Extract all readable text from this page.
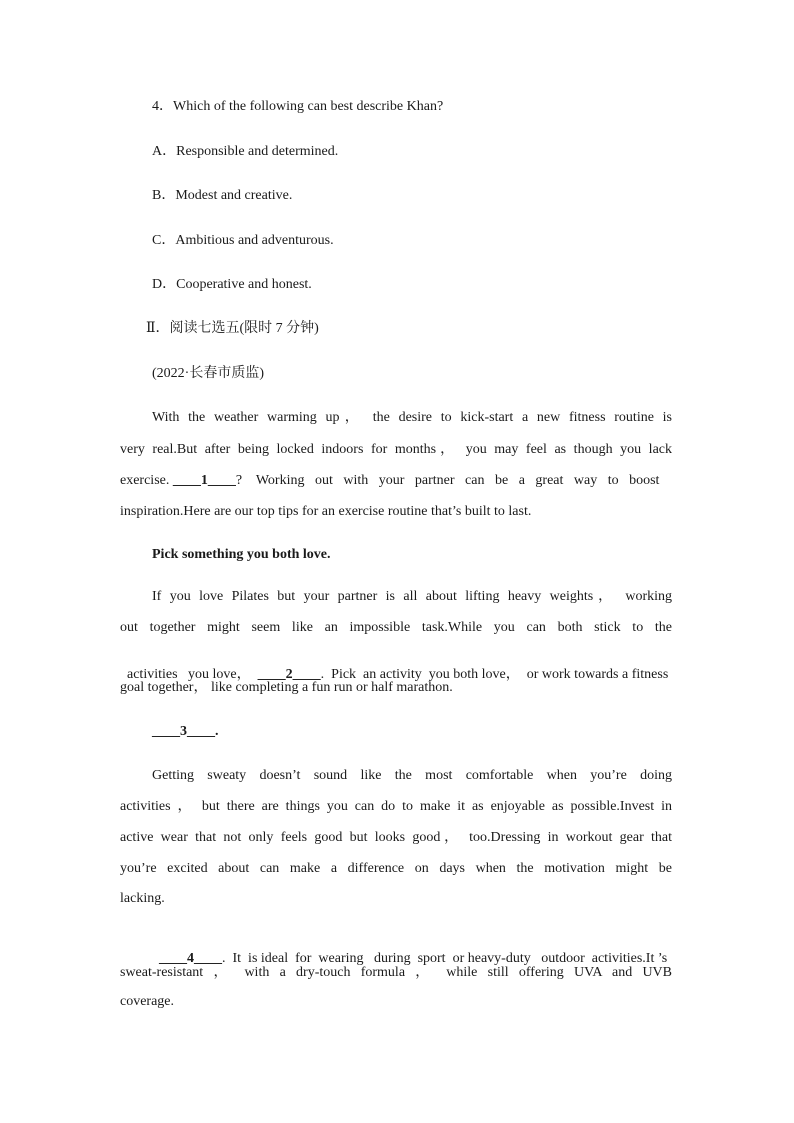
4．Which of the following can best describe Khan?
A．Responsible and determined.
B．Modest and creative.
C．Ambitious and adventurous.
D．Cooperative and honest.
Ⅱ．阅读七选五(限时 7 分钟)
(2022·长春市质监)
With the weather warming up， the desire to kick-start a new fitness routine is
very real.But after being locked indoors for months， you may feel as though you lack
exercise. ____1____?    Working   out   with   your   partner   can   be   a   great   way   to   boost
inspiration.Here are our top tips for an exercise routine that’s built to last.
Pick something you both love.
If you love Pilates but your partner is all about lifting heavy weights， working
out together might seem like an impossible task.While you can both stick to the

activities   you love，  ____2____.  Pick  an activity  you both love，  or work towards a fitness

goal together， like completing a fun run or half marathon.
____3____.
Getting sweaty doesn’t sound like the most comfortable when you’re doing
activities ， but there are things you can do to make it as enjoyable as possible.Invest in
active wear that not only feels good but looks good， too.Dressing in workout gear that
you’re excited about can make a difference on days when the motivation might be
lacking.

____4____.  It  is ideal  for  wearing   during  sport  or heavy-duty   outdoor  activities.It ’s

sweat-resistant ， with a dry-touch formula ， while still offering UVA and UVB
coverage.
